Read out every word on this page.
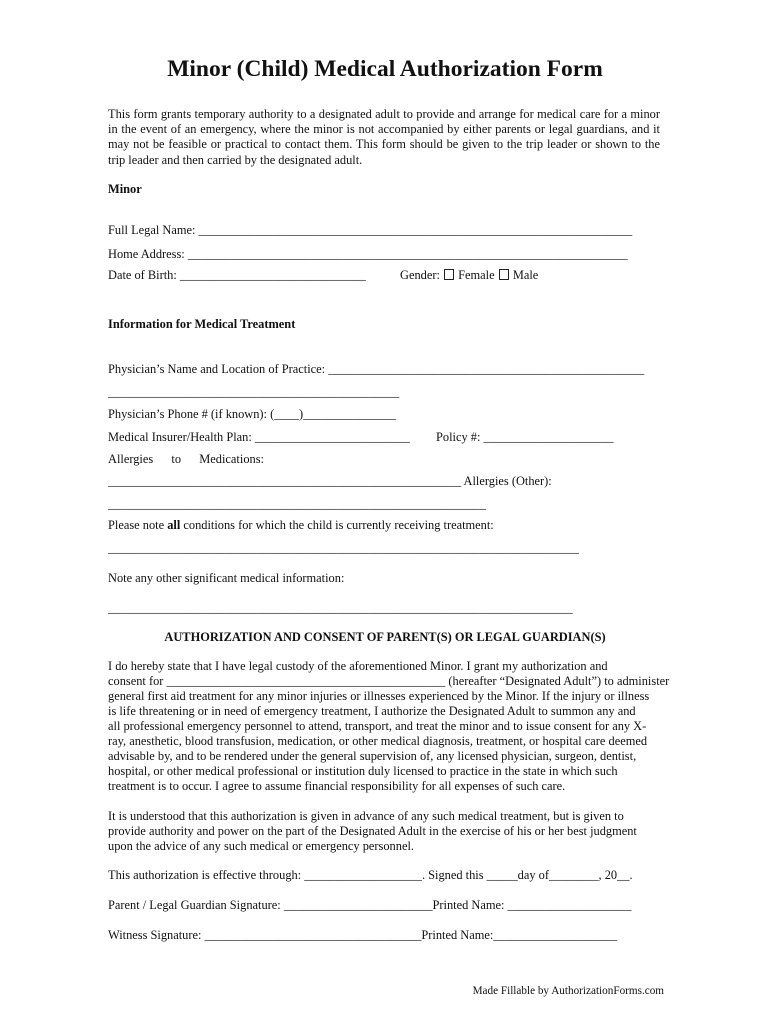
Minor (Child) Medical Authorization Form
This form grants temporary authority to a designated adult to provide and arrange for medical care for a minor in the event of an emergency, where the minor is not accompanied by either parents or legal guardians, and it may not be feasible or practical to contact them. This form should be given to the trip leader or shown to the trip leader and then carried by the designated adult.
Minor
Full Legal Name: ______________________________________________________________________
Home Address: _______________________________________________________________________
Date of Birth: ______________________________	Gender: Female Male
Information for Medical Treatment
Physician’s Name and Location of Practice: ___________________________________________________
_______________________________________________
Physician’s Phone # (if known): (____)_______________
Medical Insurer/Health Plan: _________________________ Policy #: _____________________
Allergies to Medications:
_________________________________________________________ Allergies (Other):
_____________________________________________________________
Please note all conditions for which the child is currently receiving treatment:
____________________________________________________________________________
Note any other significant medical information:
___________________________________________________________________________
AUTHORIZATION AND CONSENT OF PARENT(S) OR LEGAL GUARDIAN(S)
I do hereby state that I have legal custody of the aforementioned Minor. I grant my authorization and
consent for _____________________________________________ (hereafter “Designated Adult”) to administer
general first aid treatment for any minor injuries or illnesses experienced by the Minor. If the injury or illness
is life threatening or in need of emergency treatment, I authorize the Designated Adult to summon any and
all professional emergency personnel to attend, transport, and treat the minor and to issue consent for any X-
ray, anesthetic, blood transfusion, medication, or other medical diagnosis, treatment, or hospital care deemed
advisable by, and to be rendered under the general supervision of, any licensed physician, surgeon, dentist,
hospital, or other medical professional or institution duly licensed to practice in the state in which such
treatment is to occur. I agree to assume financial responsibility for all expenses of such care.
It is understood that this authorization is given in advance of any such medical treatment, but is given to
provide authority and power on the part of the Designated Adult in the exercise of his or her best judgment
upon the advice of any such medical or emergency personnel.
This authorization is effective through: ___________________. Signed this _____day of________, 20__.
Parent / Legal Guardian Signature: ________________________Printed Name: ____________________
Witness Signature: ___________________________________Printed Name:____________________
Made Fillable by AuthorizationForms.com
